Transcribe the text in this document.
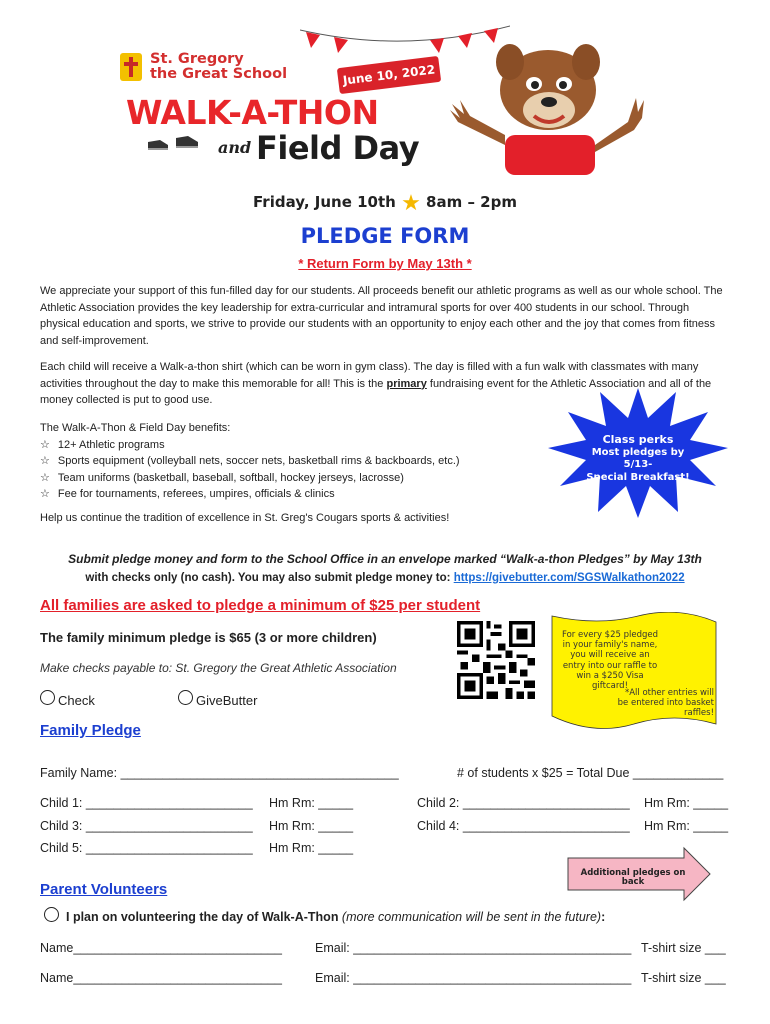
St. Gregory
the Great School	June 10, 2022
WALK-A-THON
and Field Day
Friday, June 10th ★ 8am – 2pm
PLEDGE FORM
* Return Form by May 13th *
We appreciate your support of this fun-filled day for our students. All proceeds benefit our athletic programs as well as our whole school. The Athletic Association provides the key leadership for extra-curricular and intramural sports for over 400 students in our school. Through physical education and sports, we strive to provide our students with an opportunity to enjoy each other and the joy that comes from fitness and self-improvement.
Each child will receive a Walk-a-thon shirt (which can be worn in gym class). The day is filled with a fun walk with classmates with many activities throughout the day to make this memorable for all! This is the primary fundraising event for the Athletic Association and all of the money collected is put to good use.
The Walk-A-Thon & Field Day benefits:
☆ 12+ Athletic programs
☆ Sports equipment (volleyball nets, soccer nets, basketball rims & backboards, etc.)
☆ Team uniforms (basketball, baseball, softball, hockey jerseys, lacrosse)
☆ Fee for tournaments, referees, umpires, officials & clinics
Class perks
Most pledges by
5/13-
Special Breakfast!
Help us continue the tradition of excellence in St. Greg's Cougars sports & activities!
Submit pledge money and form to the School Office in an envelope marked “Walk-a-thon Pledges” by May 13th
with checks only (no cash). You may also submit pledge money to: https://givebutter.com/SGSWalkathon2022
All families are asked to pledge a minimum of $25 per student
The family minimum pledge is $65 (3 or more children)
Make checks payable to: St. Gregory the Great Athletic Association
Check	GiveButter
For every $25 pledged in your family's name, you will receive an entry into our raffle to win a $250 Visa giftcard!
*All other entries will be entered into basket raffles!
Family Pledge
Family Name: ________________________________________	# of students x $25 = Total Due _____________
Child 1: ________________________ Hm Rm: _____	Child 2: ________________________ Hm Rm: _____
Child 3: ________________________ Hm Rm: _____	Child 4: ________________________ Hm Rm: _____
Child 5: ________________________ Hm Rm: _____
Additional pledges on back
Parent Volunteers
I plan on volunteering the day of Walk-A-Thon (more communication will be sent in the future):
Name______________________________	Email: ________________________________________ T-shirt size ___
Name______________________________	Email: ________________________________________ T-shirt size ___
